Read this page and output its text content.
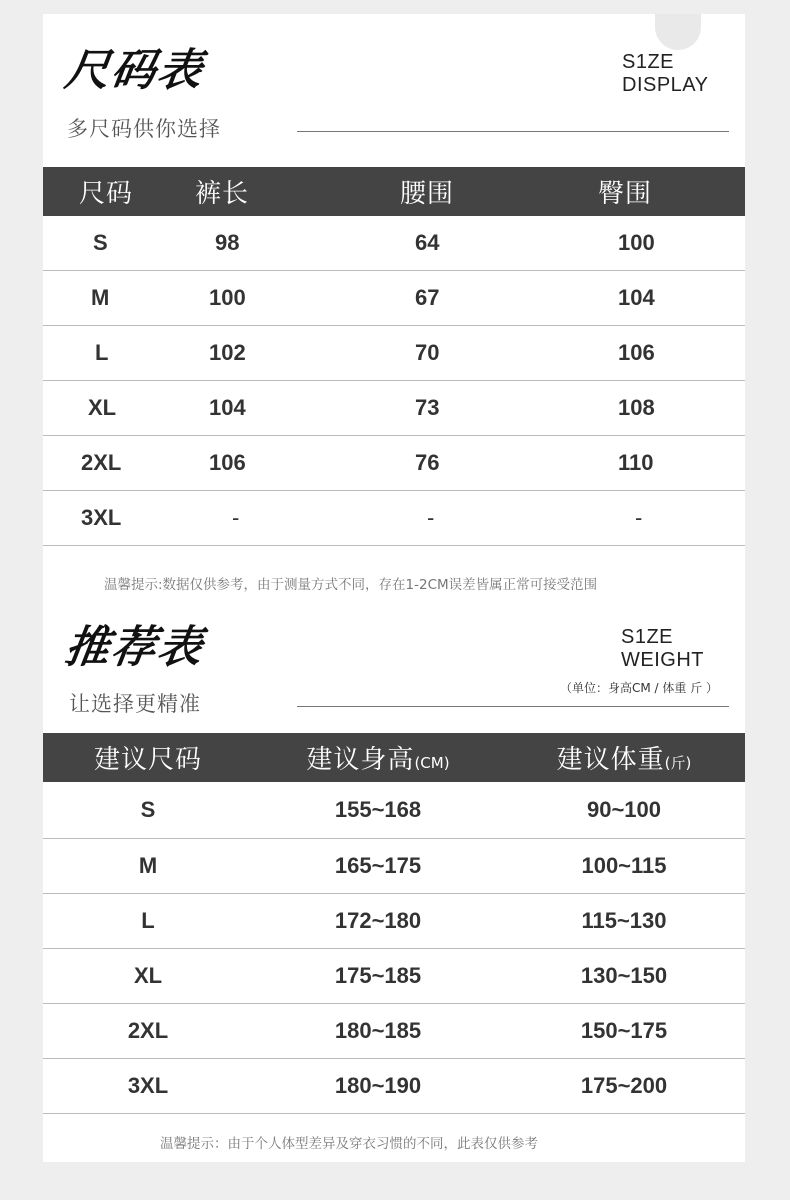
尺码表
多尺码供你选择
S1ZE
DISPLAY
尺码	裤长	腰围	臀围
S	98	64	100
M	100	67	104
L	102	70	106
XL	104	73	108
2XL	106	76	110
3XL	-	-	-
温馨提示:数据仅供参考，由于测量方式不同，存在1-2CM误差皆属正常可接受范围
推荐表
让选择更精准
S1ZE
WEIGHT
（单位：身高CM / 体重 斤 ）
建议尺码	建议身高(CM)	建议体重(斤)
S	155~168	90~100
M	165~175	100~115
L	172~180	115~130
XL	175~185	130~150
2XL	180~185	150~175
3XL	180~190	175~200
温馨提示：由于个人体型差异及穿衣习惯的不同，此表仅供参考
